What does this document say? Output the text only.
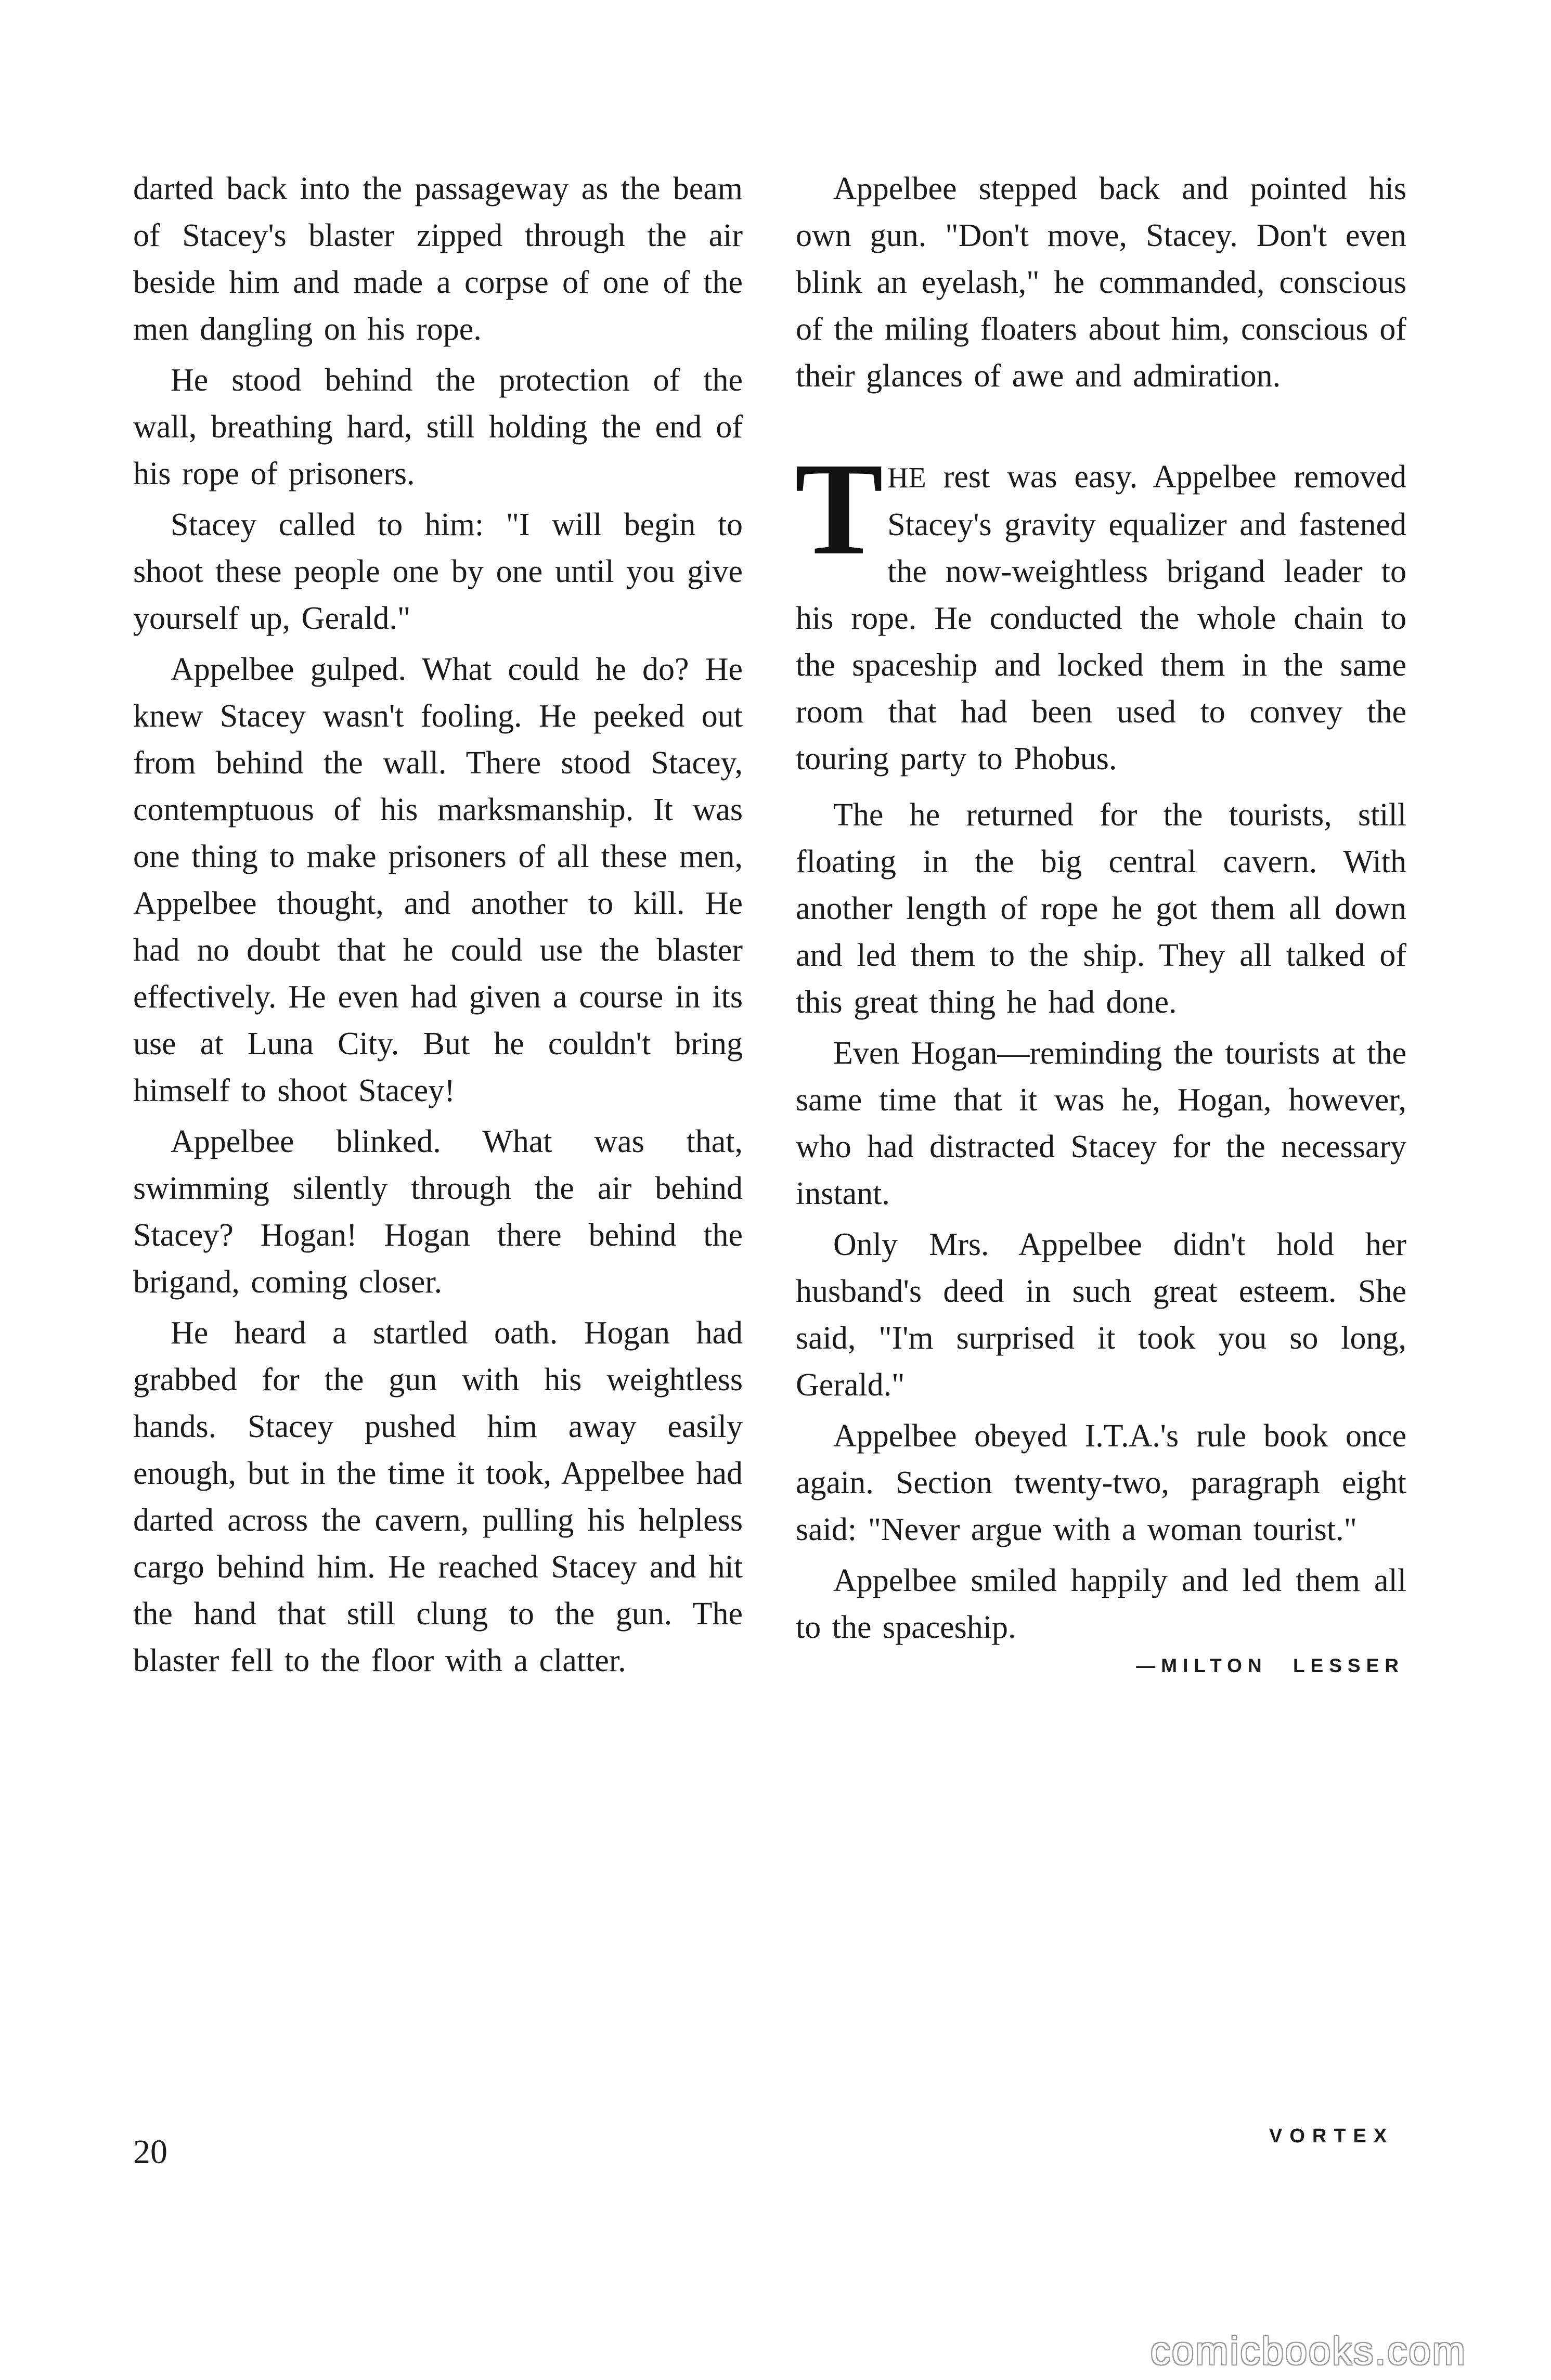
darted back into the passageway as the beam of Stacey's blaster zipped through the air beside him and made a corpse of one of the men dangling on his rope.

He stood behind the protection of the wall, breathing hard, still holding the end of his rope of prisoners.

Stacey called to him: "I will begin to shoot these people one by one until you give yourself up, Gerald."

Appelbee gulped. What could he do? He knew Stacey wasn't fooling. He peeked out from behind the wall. There stood Stacey, contemptuous of his marksmanship. It was one thing to make prisoners of all these men, Appelbee thought, and another to kill. He had no doubt that he could use the blaster effectively. He even had given a course in its use at Luna City. But he couldn't bring himself to shoot Stacey!

Appelbee blinked. What was that, swimming silently through the air behind Stacey? Hogan! Hogan there behind the brigand, coming closer.

He heard a startled oath. Hogan had grabbed for the gun with his weightless hands. Stacey pushed him away easily enough, but in the time it took, Appelbee had darted across the cavern, pulling his helpless cargo behind him. He reached Stacey and hit the hand that still clung to the gun. The blaster fell to the floor with a clatter.

Appelbee stepped back and pointed his own gun. "Don't move, Stacey. Don't even blink an eyelash," he commanded, conscious of the miling floaters about him, conscious of their glances of awe and admiration.

THE rest was easy. Appelbee removed Stacey's gravity equalizer and fastened the now-weightless brigand leader to his rope. He conducted the whole chain to the spaceship and locked them in the same room that had been used to convey the touring party to Phobus.

The he returned for the tourists, still floating in the big central cavern. With another length of rope he got them all down and led them to the ship. They all talked of this great thing he had done.

Even Hogan—reminding the tourists at the same time that it was he, Hogan, however, who had distracted Stacey for the necessary instant.

Only Mrs. Appelbee didn't hold her husband's deed in such great esteem. She said, "I'm surprised it took you so long, Gerald."

Appelbee obeyed I.T.A.'s rule book once again. Section twenty-two, paragraph eight said: "Never argue with a woman tourist."

Appelbee smiled happily and led them all to the spaceship.

—MILTON LESSER
20	VORTEX
comicbooks.com
